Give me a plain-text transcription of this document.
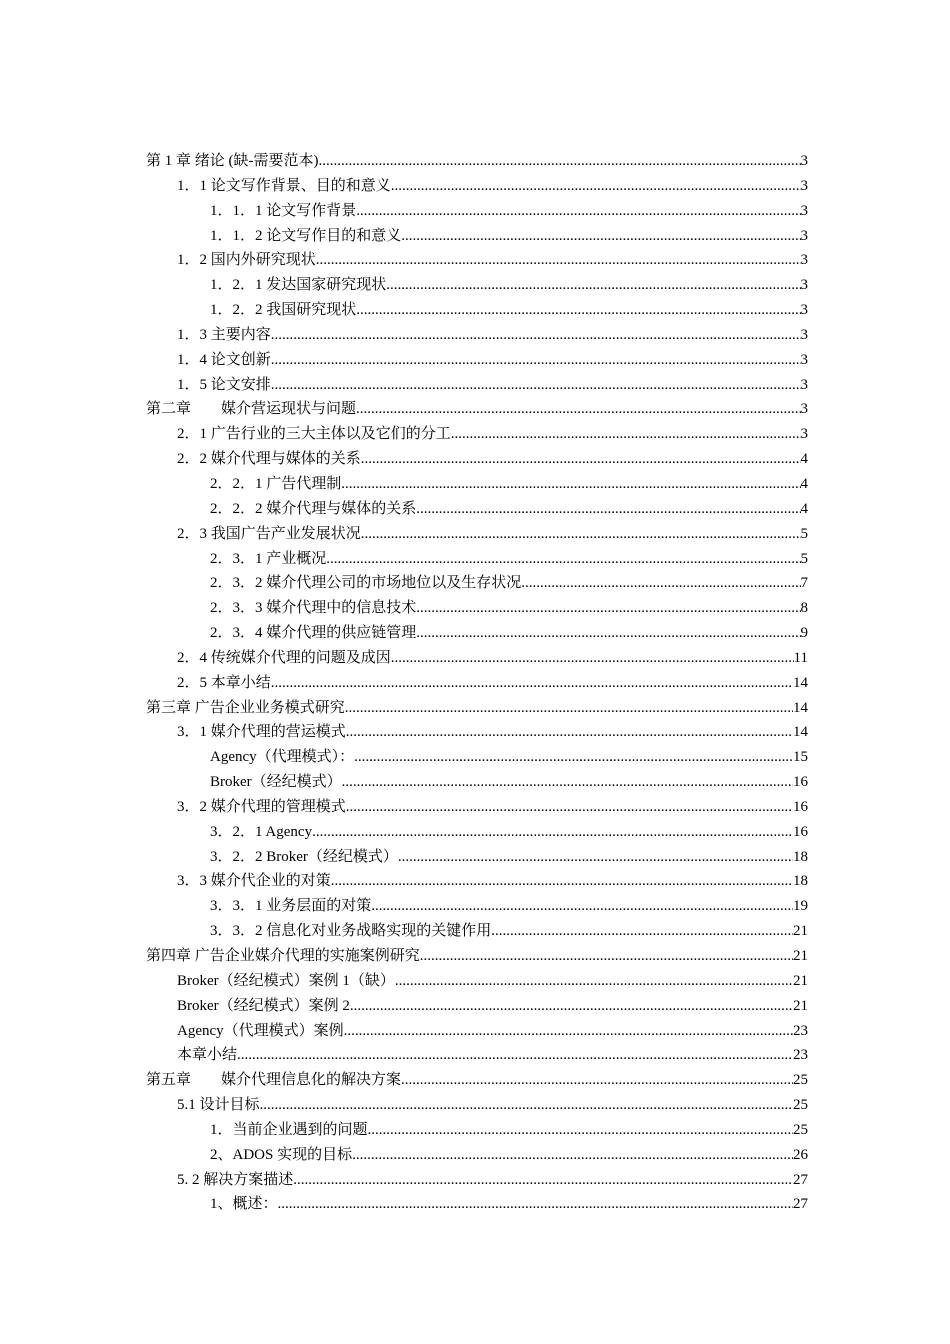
第 1 章 绪论 (缺-需要范本) .....	3
1．1 论文写作背景、目的和意义 .....	3
1．1．1 论文写作背景 .....	3
1．1．2 论文写作目的和意义 .....	3
1．2 国内外研究现状 .....	3
1．2．1 发达国家研究现状 .....	3
1．2．2 我国研究现状 .....	3
1．3 主要内容 .....	3
1．4 论文创新 .....	3
1．5 论文安排 .....	3
第二章　　媒介营运现状与问题 .....	3
2．1 广告行业的三大主体以及它们的分工 .....	3
2．2 媒介代理与媒体的关系 .....	4
2．2．1 广告代理制 .....	4
2．2．2 媒介代理与媒体的关系 .....	4
2．3 我国广告产业发展状况 .....	5
2．3．1 产业概况 .....	5
2．3．2 媒介代理公司的市场地位以及生存状况 .....	7
2．3．3 媒介代理中的信息技术 .....	8
2．3．4 媒介代理的供应链管理 .....	9
2．4 传统媒介代理的问题及成因 .....	11
2．5 本章小结 .....	14
第三章 广告企业业务模式研究 .....	14
3．1 媒介代理的营运模式 .....	14
Agency（代理模式）： .....	15
Broker（经纪模式） .....	16
3．2 媒介代理的管理模式 .....	16
3．2．1 Agency .....	16
3．2．2 Broker（经纪模式） .....	18
3．3 媒介代企业的对策 .....	18
3．3．1 业务层面的对策 .....	19
3．3．2 信息化对业务战略实现的关键作用 .....	21
第四章 广告企业媒介代理的实施案例研究 .....	21
Broker（经纪模式）案例 1（缺） .....	21
Broker（经纪模式）案例 2 .....	21
Agency（代理模式）案例 .....	23
本章小结 .....	23
第五章　　媒介代理信息化的解决方案 .....	25
5.1 设计目标 .....	25
1．当前企业遇到的问题 .....	25
2、ADOS 实现的目标 .....	26
5. 2 解决方案描述 .....	27
1、概述： .....	27
